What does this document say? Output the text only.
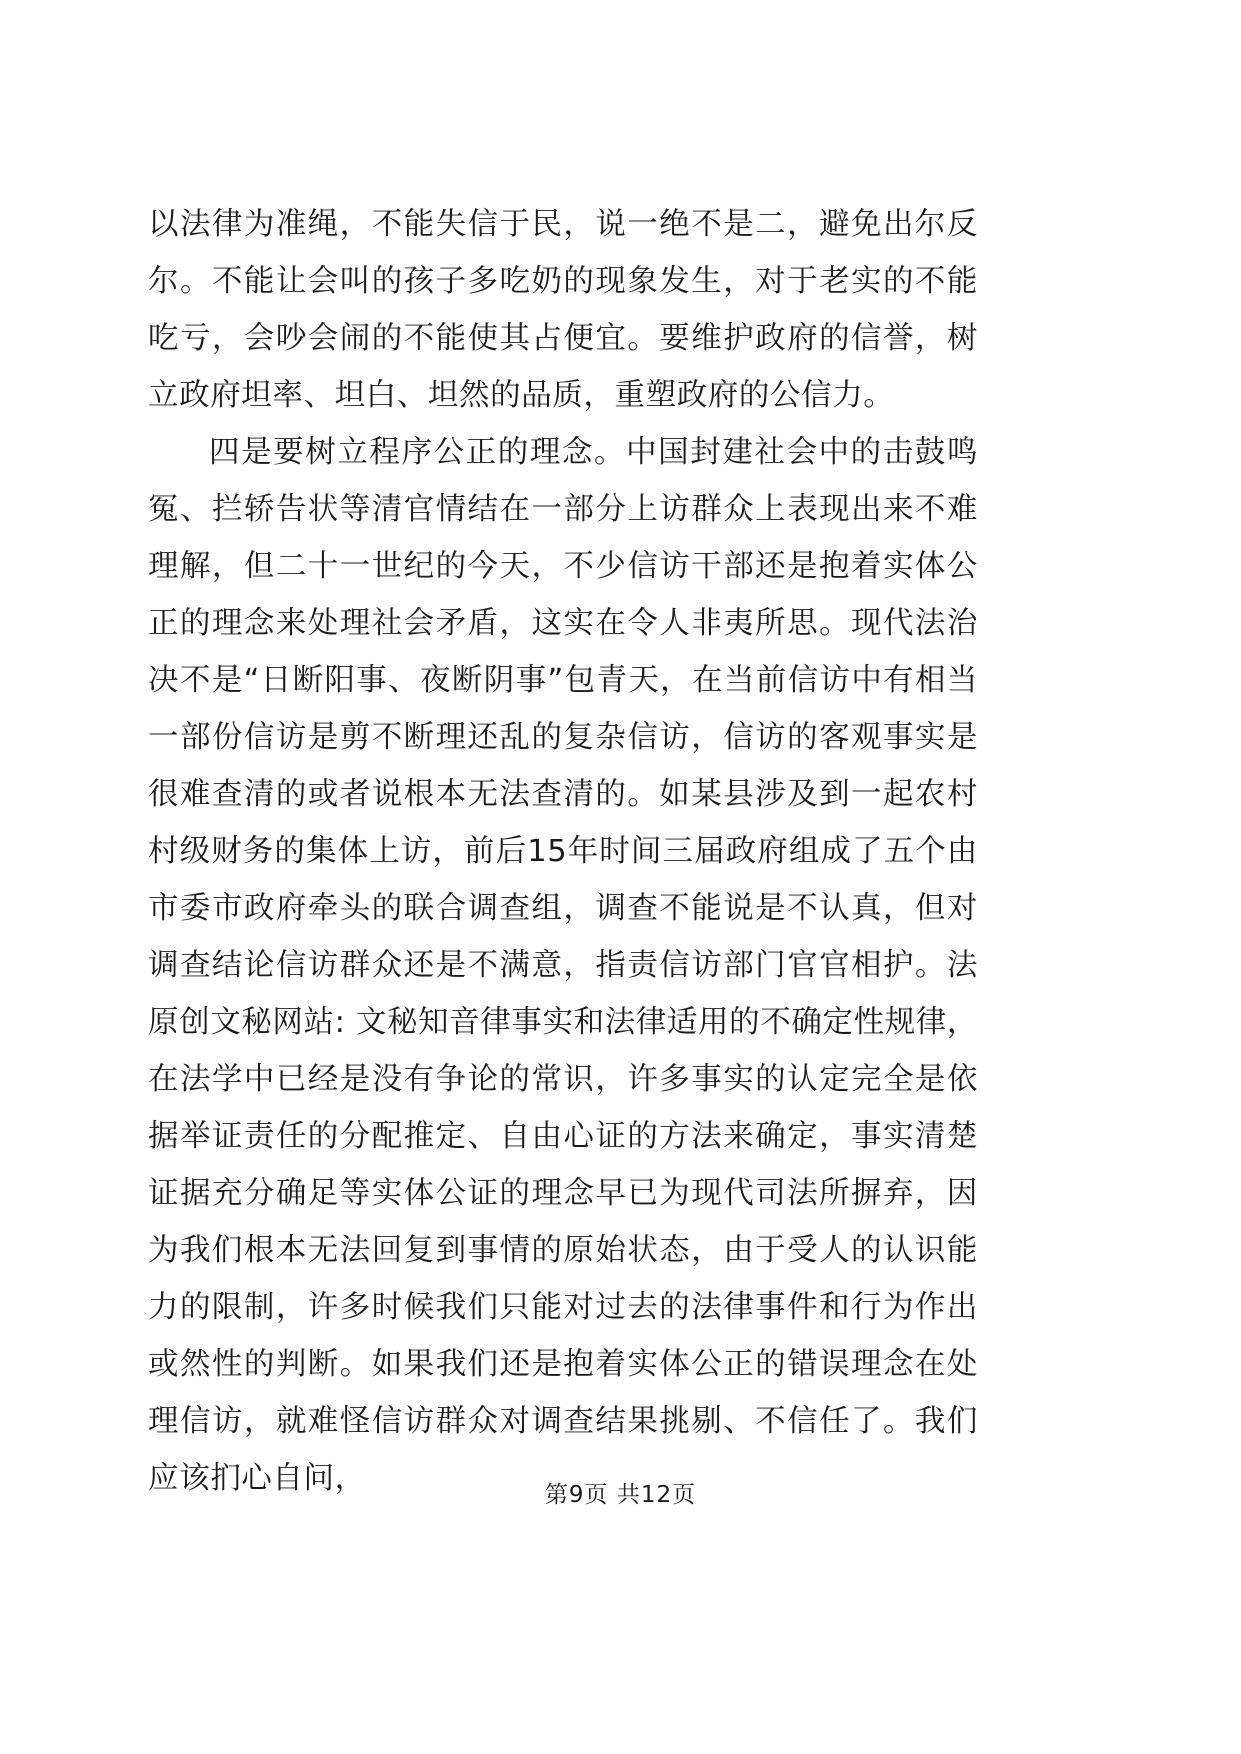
以法律为准绳，不能失信于民，说一绝不是二，避免出尔反尔。不能让会叫的孩子多吃奶的现象发生，对于老实的不能吃亏，会吵会闹的不能使其占便宜。要维护政府的信誉，树立政府坦率、坦白、坦然的品质，重塑政府的公信力。

四是要树立程序公正的理念。中国封建社会中的击鼓鸣冤、拦轿告状等清官情结在一部分上访群众上表现出来不难理解，但二十一世纪的今天，不少信访干部还是抱着实体公正的理念来处理社会矛盾，这实在令人非夷所思。现代法治决不是“日断阳事、夜断阴事”包青天，在当前信访中有相当一部份信访是剪不断理还乱的复杂信访，信访的客观事实是很难查清的或者说根本无法查清的。如某县涉及到一起农村村级财务的集体上访，前后15年时间三届政府组成了五个由市委市政府牵头的联合调查组，调查不能说是不认真，但对调查结论信访群众还是不满意，指责信访部门官官相护。法原创文秘网站: 文秘知音律事实和法律适用的不确定性规律，在法学中已经是没有争论的常识，许多事实的认定完全是依据举证责任的分配推定、自由心证的方法来确定，事实清楚证据充分确足等实体公证的理念早已为现代司法所摒弃，因为我们根本无法回复到事情的原始状态，由于受人的认识能力的限制，许多时候我们只能对过去的法律事件和行为作出或然性的判断。如果我们还是抱着实体公正的错误理念在处理信访，就难怪信访群众对调查结果挑剔、不信任了。我们应该扪心自问，	第9页 共12页
